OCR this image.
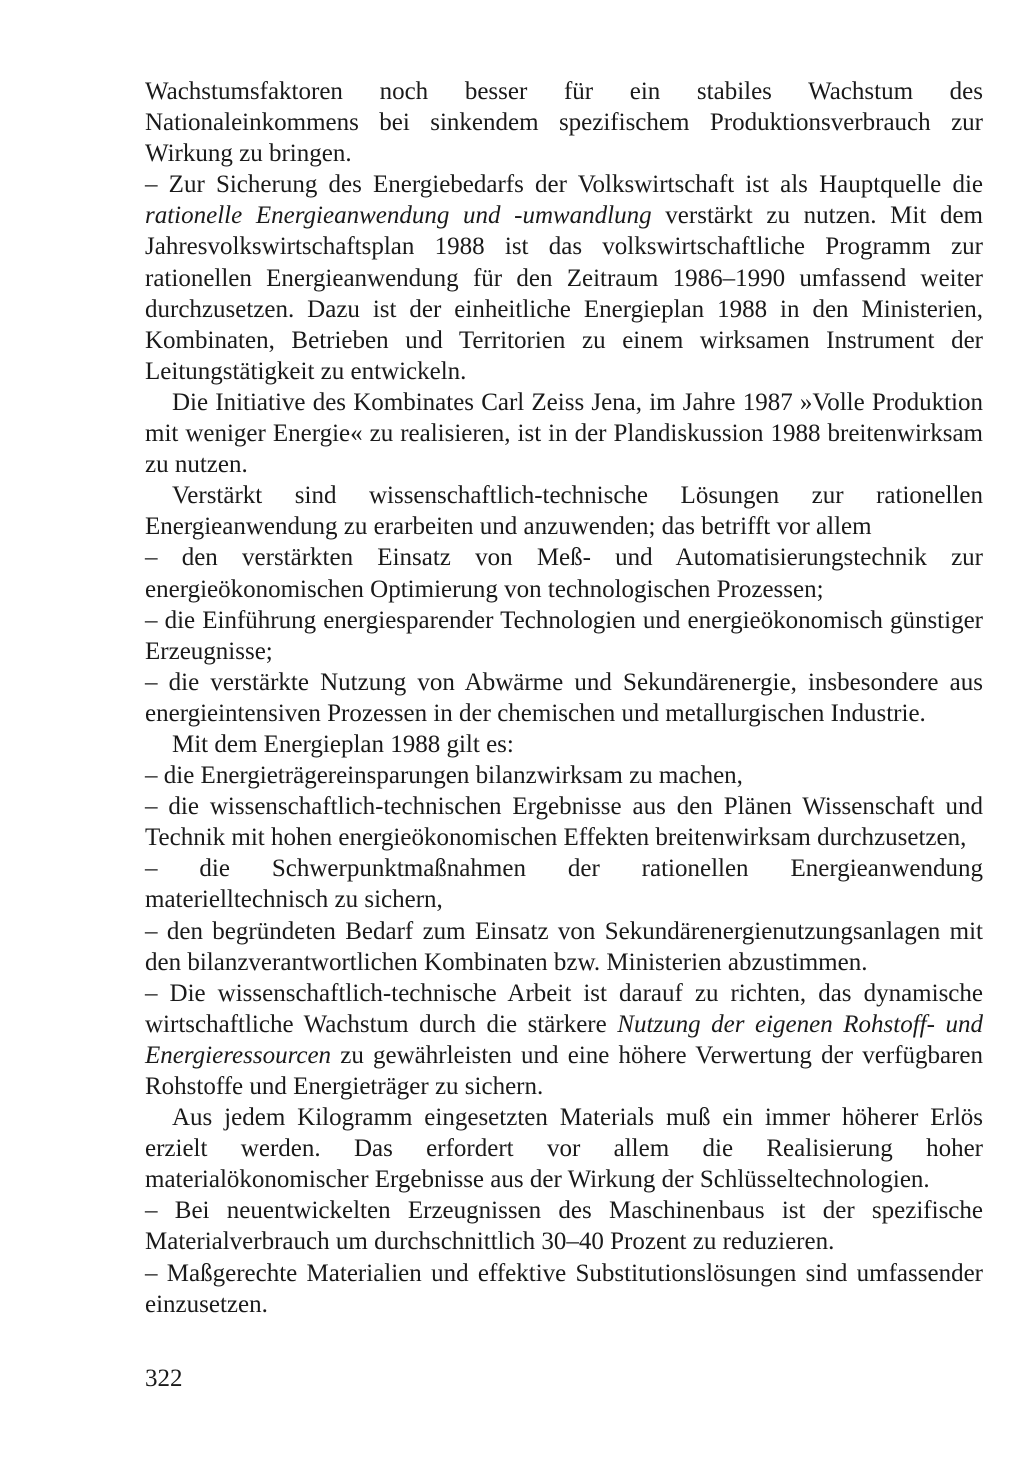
Wachstumsfaktoren noch besser für ein stabiles Wachstum des Nationaleinkommens bei sinkendem spezifischem Produktionsverbrauch zur Wirkung zu bringen.

– Zur Sicherung des Energiebedarfs der Volkswirtschaft ist als Hauptquelle die rationelle Energieanwendung und -umwandlung verstärkt zu nutzen. Mit dem Jahresvolkswirtschaftsplan 1988 ist das volkswirtschaftliche Programm zur rationellen Energieanwendung für den Zeitraum 1986–1990 umfassend weiter durchzusetzen. Dazu ist der einheitliche Energieplan 1988 in den Ministerien, Kombinaten, Betrieben und Territorien zu einem wirksamen Instrument der Leitungstätigkeit zu entwickeln.

Die Initiative des Kombinates Carl Zeiss Jena, im Jahre 1987 »Volle Produktion mit weniger Energie« zu realisieren, ist in der Plandiskussion 1988 breitenwirksam zu nutzen.

Verstärkt sind wissenschaftlich-technische Lösungen zur rationellen Energieanwendung zu erarbeiten und anzuwenden; das betrifft vor allem

– den verstärkten Einsatz von Meß- und Automatisierungstechnik zur energieökonomischen Optimierung von technologischen Prozessen;

– die Einführung energiesparender Technologien und energieökonomisch günstiger Erzeugnisse;

– die verstärkte Nutzung von Abwärme und Sekundärenergie, insbesondere aus energieintensiven Prozessen in der chemischen und metallurgischen Industrie.

Mit dem Energieplan 1988 gilt es:

– die Energieträgereinsparungen bilanzwirksam zu machen,

– die wissenschaftlich-technischen Ergebnisse aus den Plänen Wissenschaft und Technik mit hohen energieökonomischen Effekten breitenwirksam durchzusetzen,

– die Schwerpunktmaßnahmen der rationellen Energieanwendung materielltechnisch zu sichern,

– den begründeten Bedarf zum Einsatz von Sekundärenergienutzungsanlagen mit den bilanzverantwortlichen Kombinaten bzw. Ministerien abzustimmen.

– Die wissenschaftlich-technische Arbeit ist darauf zu richten, das dynamische wirtschaftliche Wachstum durch die stärkere Nutzung der eigenen Rohstoff- und Energieressourcen zu gewährleisten und eine höhere Verwertung der verfügbaren Rohstoffe und Energieträger zu sichern.

Aus jedem Kilogramm eingesetzten Materials muß ein immer höherer Erlös erzielt werden. Das erfordert vor allem die Realisierung hoher materialökonomischer Ergebnisse aus der Wirkung der Schlüsseltechnologien.

– Bei neuentwickelten Erzeugnissen des Maschinenbaus ist der spezifische Materialverbrauch um durchschnittlich 30–40 Prozent zu reduzieren.

– Maßgerechte Materialien und effektive Substitutionslösungen sind umfassender einzusetzen.

322
